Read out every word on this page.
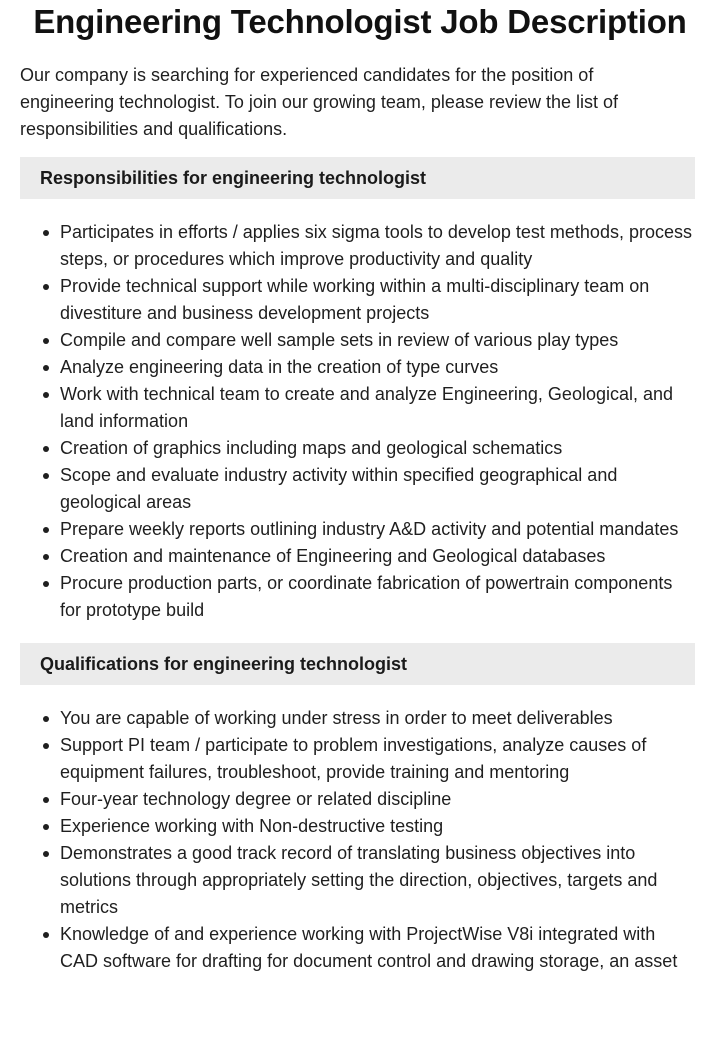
Engineering Technologist Job Description

Our company is searching for experienced candidates for the position of engineering technologist. To join our growing team, please review the list of responsibilities and qualifications.

Responsibilities for engineering technologist
Participates in efforts / applies six sigma tools to develop test methods, process steps, or procedures which improve productivity and quality
Provide technical support while working within a multi-disciplinary team on divestiture and business development projects
Compile and compare well sample sets in review of various play types
Analyze engineering data in the creation of type curves
Work with technical team to create and analyze Engineering, Geological, and land information
Creation of graphics including maps and geological schematics
Scope and evaluate industry activity within specified geographical and geological areas
Prepare weekly reports outlining industry A&D activity and potential mandates
Creation and maintenance of Engineering and Geological databases
Procure production parts, or coordinate fabrication of powertrain components for prototype build
Qualifications for engineering technologist
You are capable of working under stress in order to meet deliverables
Support PI team / participate to problem investigations, analyze causes of equipment failures, troubleshoot, provide training and mentoring
Four-year technology degree or related discipline
Experience working with Non-destructive testing
Demonstrates a good track record of translating business objectives into solutions through appropriately setting the direction, objectives, targets and metrics
Knowledge of and experience working with ProjectWise V8i integrated with CAD software for drafting for document control and drawing storage, an asset
